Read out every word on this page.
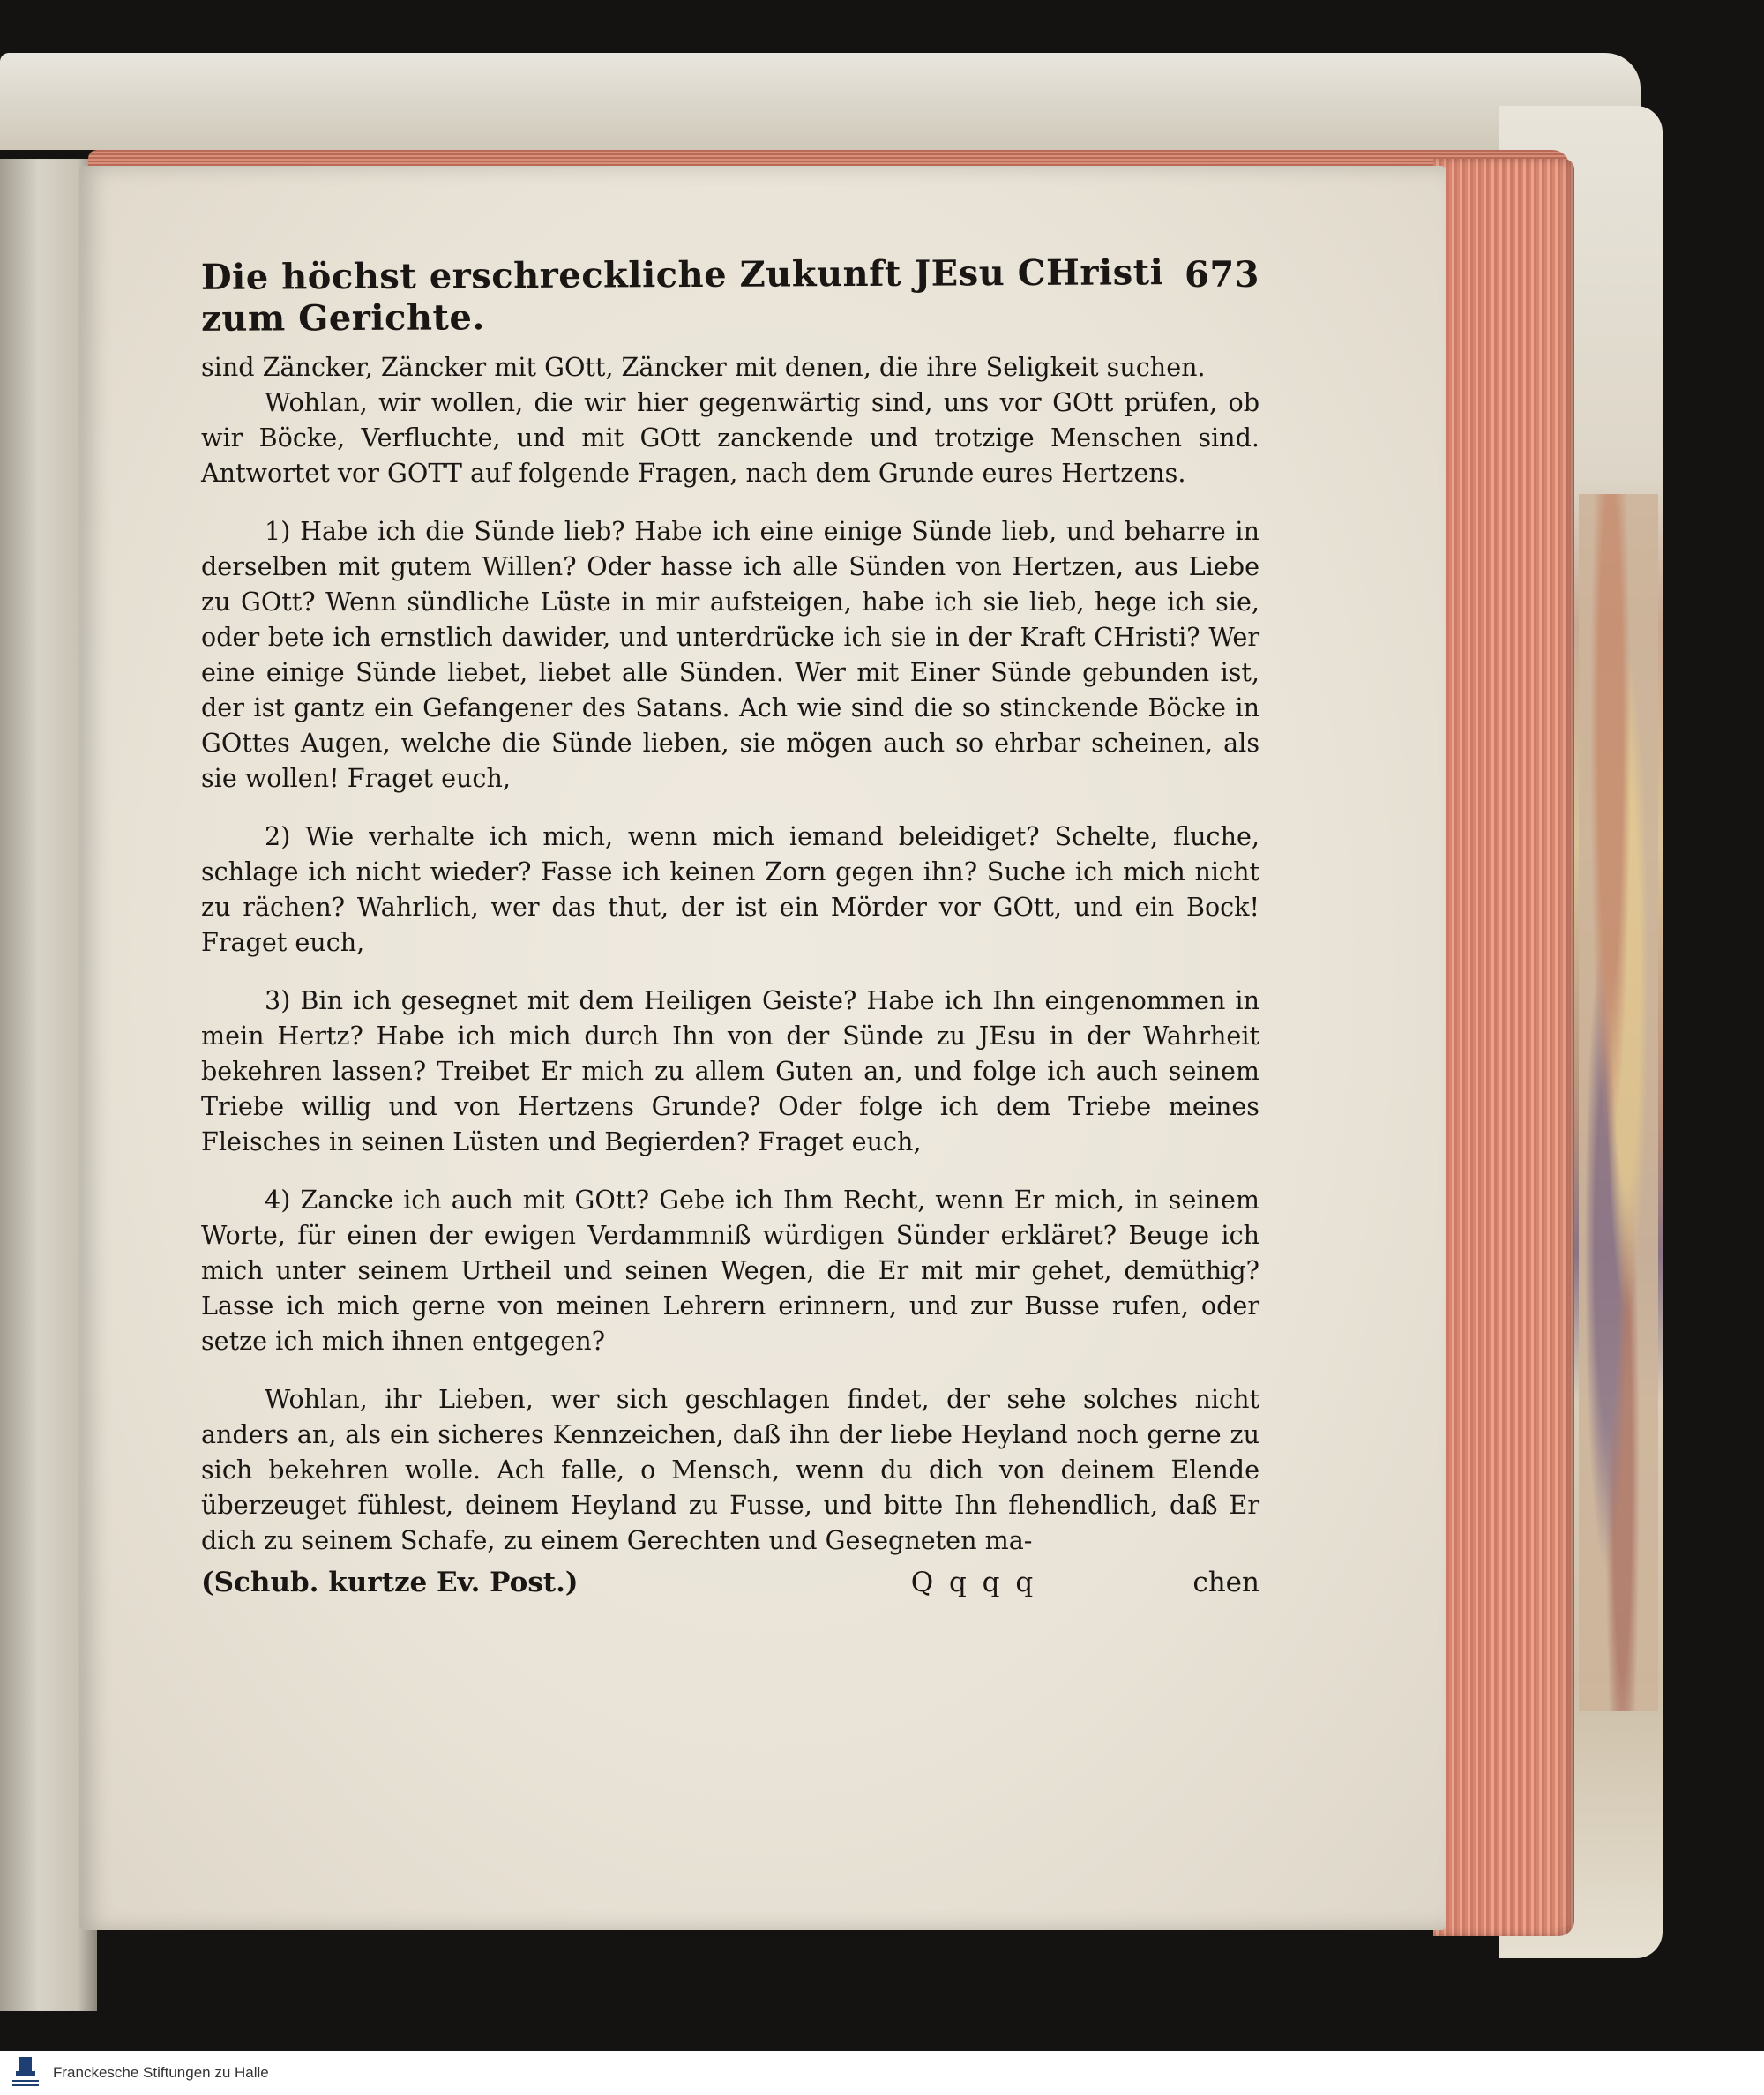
Die höchst erschreckliche Zukunft JEsu CHristi zum Gerichte.
673

sind Zäncker, Zäncker mit GOtt, Zäncker mit denen, die ihre Seligkeit suchen.

Wohlan, wir wollen, die wir hier gegenwärtig sind, uns vor GOtt prüfen, ob wir Böcke, Verfluchte, und mit GOtt zanckende und trotzige Menschen sind. Antwortet vor GOTT auf folgende Fragen, nach dem Grunde eures Hertzens.

1) Habe ich die Sünde lieb? Habe ich eine einige Sünde lieb, und beharre in derselben mit gutem Willen? Oder hasse ich alle Sünden von Hertzen, aus Liebe zu GOtt? Wenn sündliche Lüste in mir aufsteigen, habe ich sie lieb, hege ich sie, oder bete ich ernstlich dawider, und unterdrücke ich sie in der Kraft CHristi? Wer eine einige Sünde liebet, liebet alle Sünden. Wer mit Einer Sünde gebunden ist, der ist gantz ein Gefangener des Satans. Ach wie sind die so stinckende Böcke in GOttes Augen, welche die Sünde lieben, sie mögen auch so ehrbar scheinen, als sie wollen! Fraget euch,

2) Wie verhalte ich mich, wenn mich iemand beleidiget? Schelte, fluche, schlage ich nicht wieder? Fasse ich keinen Zorn gegen ihn? Suche ich mich nicht zu rächen? Wahrlich, wer das thut, der ist ein Mörder vor GOtt, und ein Bock! Fraget euch,

3) Bin ich gesegnet mit dem Heiligen Geiste? Habe ich Ihn eingenommen in mein Hertz? Habe ich mich durch Ihn von der Sünde zu JEsu in der Wahrheit bekehren lassen? Treibet Er mich zu allem Guten an, und folge ich auch seinem Triebe willig und von Hertzens Grunde? Oder folge ich dem Triebe meines Fleisches in seinen Lüsten und Begierden? Fraget euch,

4) Zancke ich auch mit GOtt? Gebe ich Ihm Recht, wenn Er mich, in seinem Worte, für einen der ewigen Verdammniß würdigen Sünder erkläret? Beuge ich mich unter seinem Urtheil und seinen Wegen, die Er mit mir gehet, demüthig? Lasse ich mich gerne von meinen Lehrern erinnern, und zur Busse rufen, oder setze ich mich ihnen entgegen?

Wohlan, ihr Lieben, wer sich geschlagen findet, der sehe solches nicht anders an, als ein sicheres Kennzeichen, daß ihn der liebe Heyland noch gerne zu sich bekehren wolle. Ach falle, o Mensch, wenn du dich von deinem Elende überzeuget fühlest, deinem Heyland zu Fusse, und bitte Ihn flehendlich, daß Er dich zu seinem Schafe, zu einem Gerechten und Gesegneten ma-

(Schub. kurtze Ev. Post.)	Q q q q	chen
Franckesche Stiftungen zu Halle
